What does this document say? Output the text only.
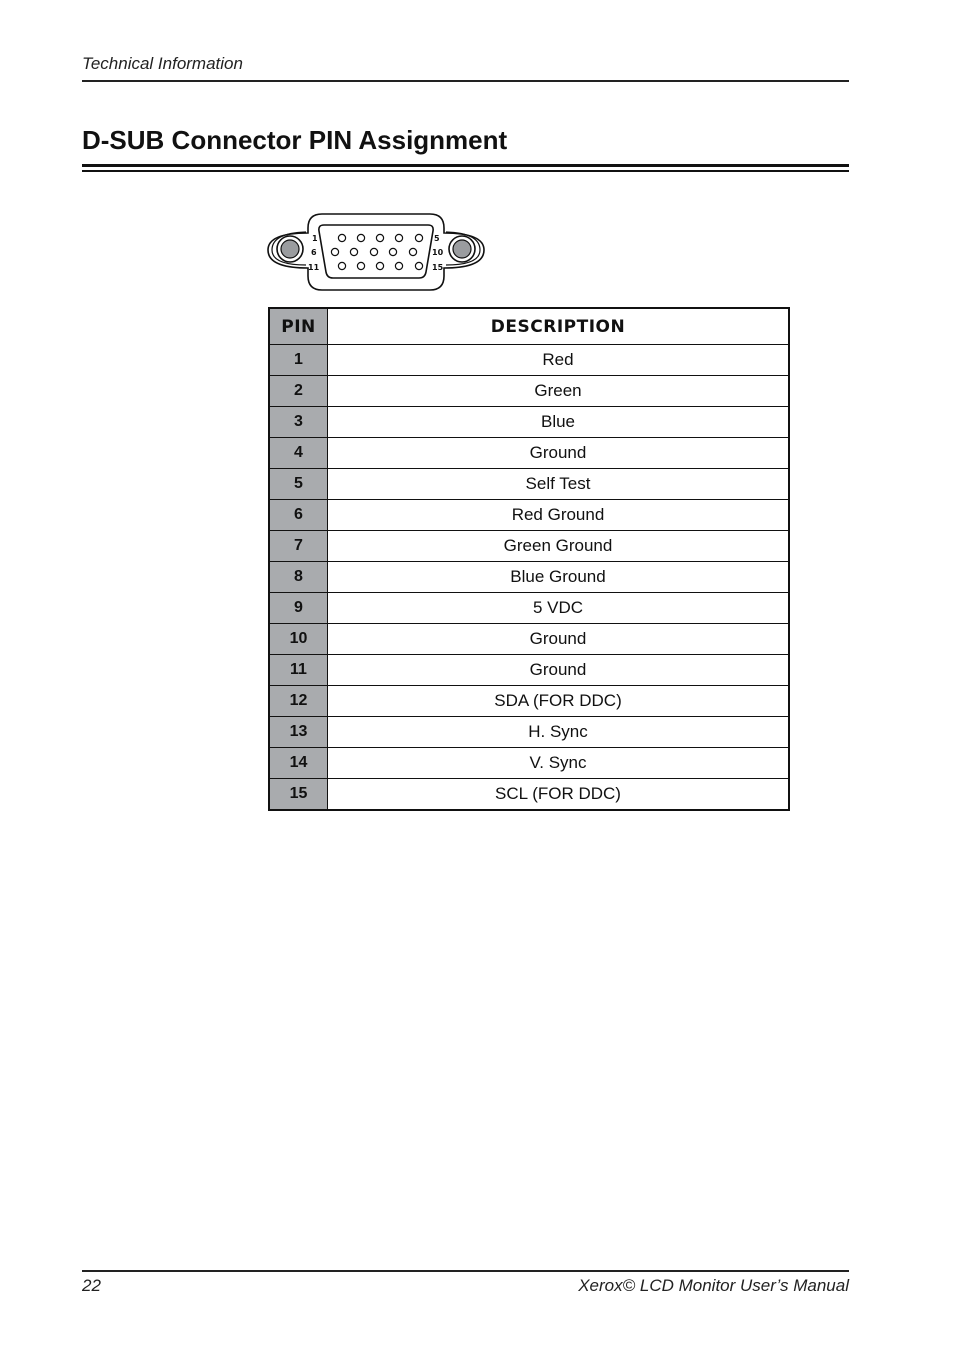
Technical Information
D-SUB Connector PIN Assignment
1	5
6	10
11	15
PIN	DESCRIPTION
1	Red
2	Green
3	Blue
4	Ground
5	Self Test
6	Red Ground
7	Green Ground
8	Blue Ground
9	5 VDC
10	Ground
11	Ground
12	SDA (FOR DDC)
13	H. Sync
14	V. Sync
15	SCL (FOR DDC)
22	Xerox© LCD Monitor User’s Manual
